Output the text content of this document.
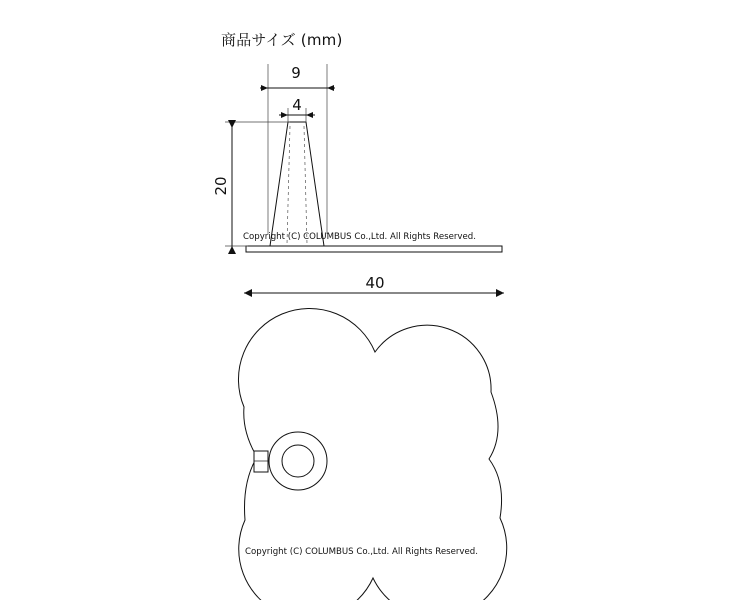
商品サイズ (mm)
9
4
20
Copyright (C) COLUMBUS Co.,Ltd. All Rights Reserved.
40
Copyright (C) COLUMBUS Co.,Ltd. All Rights Reserved.
